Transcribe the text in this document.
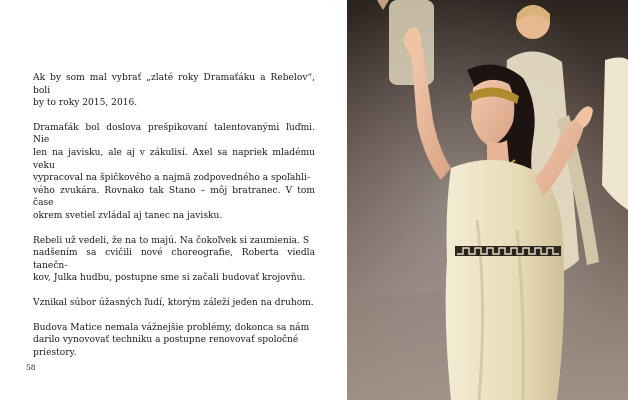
Ak by som mal vybrať „zlaté roky Dramaťáku a Rebelov“, boli
by to roky 2015, 2016.

Dramaťák bol doslova prešpikovaní talentovanými ľuďmi. Nie
len na javisku, ale aj v zákulisí. Axel sa napriek mladému veku
vypracoval na špičkového a najmä zodpovedného a spoľahli-
vého zvukára. Rovnako tak Stano – môj bratranec. V tom čase
okrem svetiel zvládal aj tanec na javisku.

Rebeli už vedeli, že na to majú. Na čokoľvek si zaumienia. S
nadšením sa cvičili nové choreografie, Roberta viedla tanečn-
kov, Julka hudbu, postupne sme si začali budovať krojovňu.

Vznikal súbor úžasných ľudí, ktorým záleží jeden na druhom.

Budova Matice nemala vážnejšie problémy, dokonca sa nám
darilo vynovovať techniku a postupne renovovať spoločné
priestory.

58
